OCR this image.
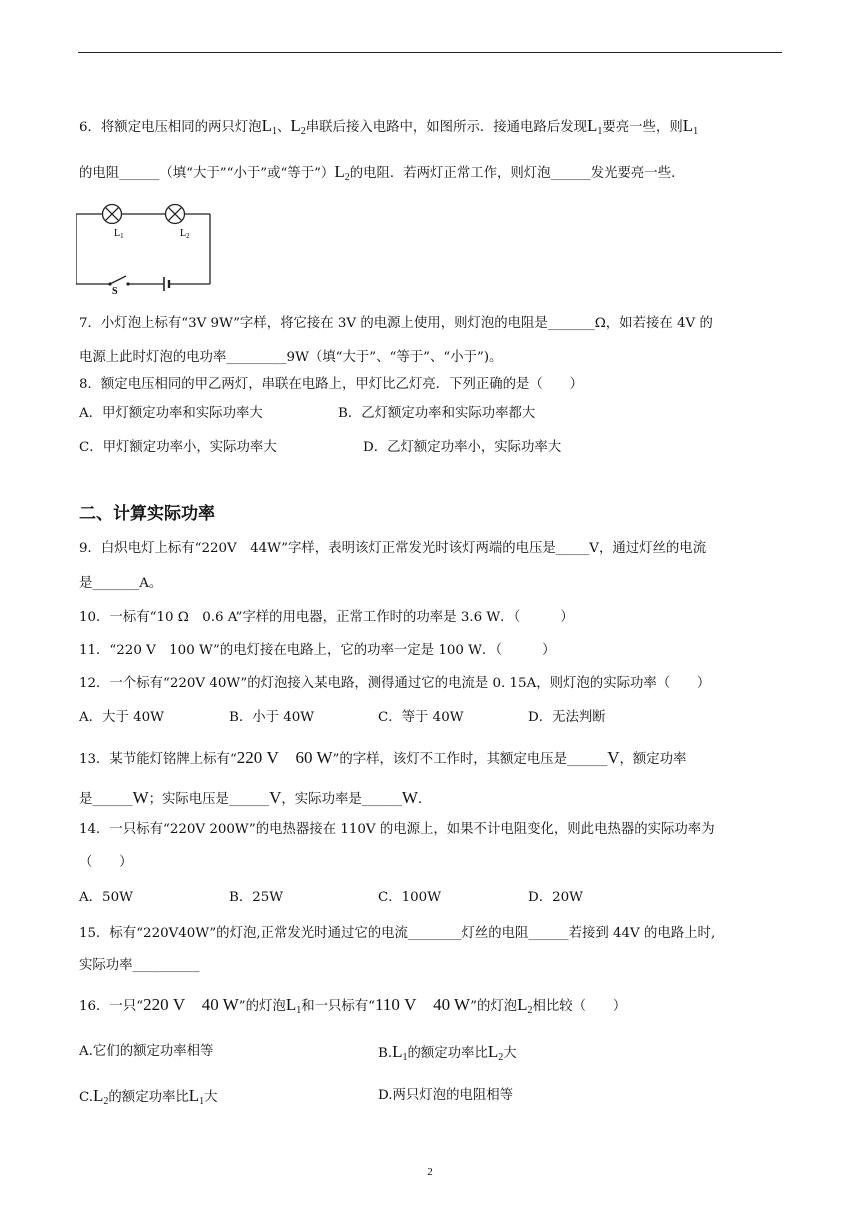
6．将额定电压相同的两只灯泡$L_1$、$L_2$串联后接入电路中，如图所示．接通电路后发现$L_1$要亮一些，则$L_1$
的电阻______（填“大于”“小于”或“等于$”)L_2$的电阻．若两灯正常工作，则灯泡______发光要亮一些．
$L_1$	$L_2$
S
7．小灯泡上标有“3V 9W”字样，将它接在 3V 的电源上使用，则灯泡的电阻是_______Ω，如若接在 4V 的
电源上此时灯泡的电功率_________9W（填“大于”、“等于”、“小于”)。
8．额定电压相同的甲乙两灯，串联在电路上，甲灯比乙灯亮．下列正确的是（　　）
A．甲灯额定功率和实际功率大	B．乙灯额定功率和实际功率都大
C．甲灯额定功率小，实际功率大	D．乙灯额定功率小，实际功率大
二、计算实际功率
9．白炽电灯上标有“220V　44W”字样，表明该灯正常发光时该灯两端的电压是_____V，通过灯丝的电流
是_______A。
10．一标有“10 Ω　0.6 A”字样的用电器，正常工作时的功率是 3.6 W．（　　　）
11．“220 V　100 W”的电灯接在电路上，它的功率一定是 100 W．（　　　）
12．一个标有“220V 40W”的灯泡接入某电路，测得通过它的电流是 0. 15A，则灯泡的实际功率（　　）
A．大于 40W	B．小于 40W	C．等于 40W	D．无法判断
13．某节能灯铭牌上标有“220 V　60 W”的字样，该灯不工作时，其额定电压是______V，额定功率
是______W；实际电压是______V，实际功率是______W．
14．一只标有“220V 200W”的电热器接在 110V 的电源上，如果不计电阻变化，则此电热器的实际功率为
（　　）
A．50W	B．25W	C．100W	D．20W
15．标有“220V40W”的灯泡,正常发光时通过它的电流________灯丝的电阻______若接到 44V 的电路上时,
实际功率__________
16．一只“220 V　40 W”的灯泡$L_1$和一只标有“110 V　40 W”的灯泡$L_2$相比较（　　）
A.它们的额定功率相等	$B.L_1$的额定功率比$L_2$大
$C.L_2$的额定功率比$L_1$大	D.两只灯泡的电阻相等
2
